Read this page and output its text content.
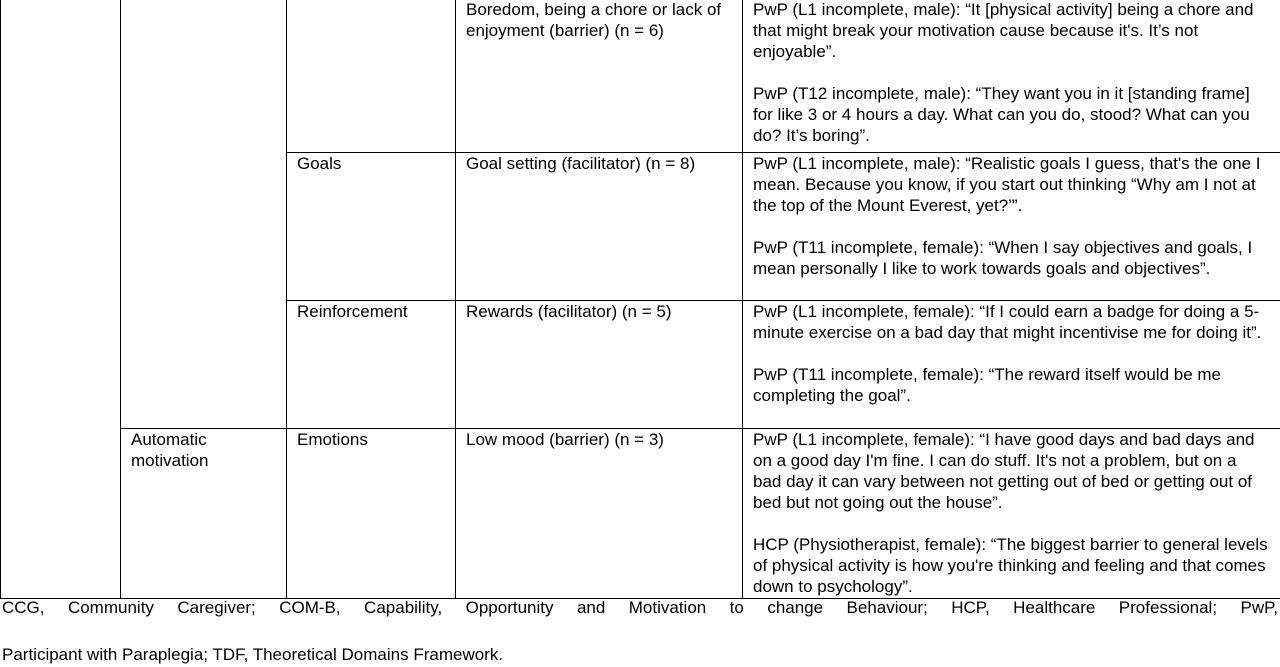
			Boredom, being a chore or lack of enjoyment (barrier) (n = 6)	PwP (L1 incomplete, male): “It [physical activity] being a chore and that might break your motivation cause because it's. It’s not enjoyable”.

PwP (T12 incomplete, male): “They want you in it [standing frame] for like 3 or 4 hours a day. What can you do, stood? What can you do? It’s boring”.

		Goals	Goal setting (facilitator) (n = 8)	PwP (L1 incomplete, male): “Realistic goals I guess, that's the one I mean. Because you know, if you start out thinking “Why am I not at the top of the Mount Everest, yet?’”.

PwP (T11 incomplete, female): “When I say objectives and goals, I mean personally I like to work towards goals and objectives”.

		Reinforcement	Rewards (facilitator) (n = 5)	PwP (L1 incomplete, female): “If I could earn a badge for doing a 5-minute exercise on a bad day that might incentivise me for doing it”.

PwP (T11 incomplete, female): “The reward itself would be me completing the goal”.

	Automatic motivation	Emotions	Low mood (barrier) (n = 3)	PwP (L1 incomplete, female): “I have good days and bad days and on a good day I'm fine. I can do stuff. It's not a problem, but on a bad day it can vary between not getting out of bed or getting out of bed but not going out the house”.

HCP (Physiotherapist, female): “The biggest barrier to general levels of physical activity is how you're thinking and feeling and that comes down to psychology”.

CCG, Community Caregiver; COM-B, Capability, Opportunity and Motivation to change Behaviour; HCP, Healthcare Professional; PwP,
Participant with Paraplegia; TDF, Theoretical Domains Framework.
